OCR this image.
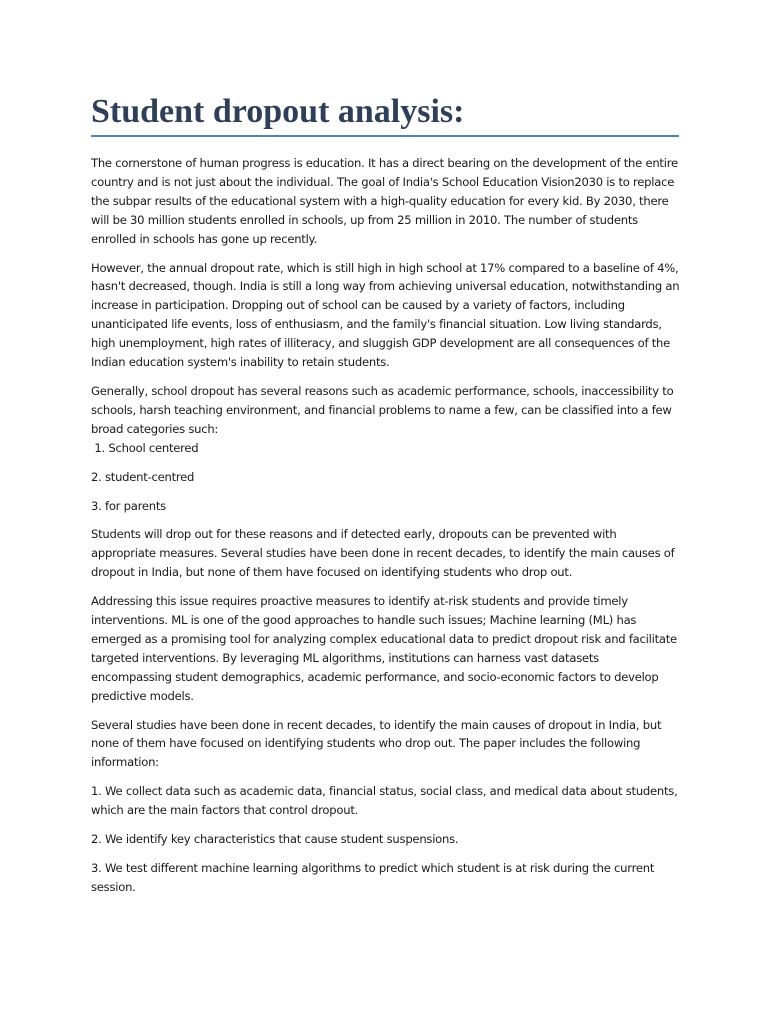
Student dropout analysis:

The cornerstone of human progress is education. It has a direct bearing on the development of the entire country and is not just about the individual. The goal of India's School Education Vision2030 is to replace the subpar results of the educational system with a high-quality education for every kid. By 2030, there will be 30 million students enrolled in schools, up from 25 million in 2010. The number of students enrolled in schools has gone up recently.

However, the annual dropout rate, which is still high in high school at 17% compared to a baseline of 4%, hasn't decreased, though. India is still a long way from achieving universal education, notwithstanding an increase in participation. Dropping out of school can be caused by a variety of factors, including unanticipated life events, loss of enthusiasm, and the family's financial situation. Low living standards, high unemployment, high rates of illiteracy, and sluggish GDP development are all consequences of the Indian education system's inability to retain students.

Generally, school dropout has several reasons such as academic performance, schools, inaccessibility to schools, harsh teaching environment, and financial problems to name a few, can be classified into a few broad categories such:

1. School centered

2. student-centred

3. for parents

Students will drop out for these reasons and if detected early, dropouts can be prevented with appropriate measures. Several studies have been done in recent decades, to identify the main causes of dropout in India, but none of them have focused on identifying students who drop out.

Addressing this issue requires proactive measures to identify at-risk students and provide timely interventions. ML is one of the good approaches to handle such issues; Machine learning (ML) has emerged as a promising tool for analyzing complex educational data to predict dropout risk and facilitate targeted interventions. By leveraging ML algorithms, institutions can harness vast datasets encompassing student demographics, academic performance, and socio-economic factors to develop predictive models.

Several studies have been done in recent decades, to identify the main causes of dropout in India, but none of them have focused on identifying students who drop out. The paper includes the following information:

1. We collect data such as academic data, financial status, social class, and medical data about students, which are the main factors that control dropout.

2. We identify key characteristics that cause student suspensions.

3. We test different machine learning algorithms to predict which student is at risk during the current session.
